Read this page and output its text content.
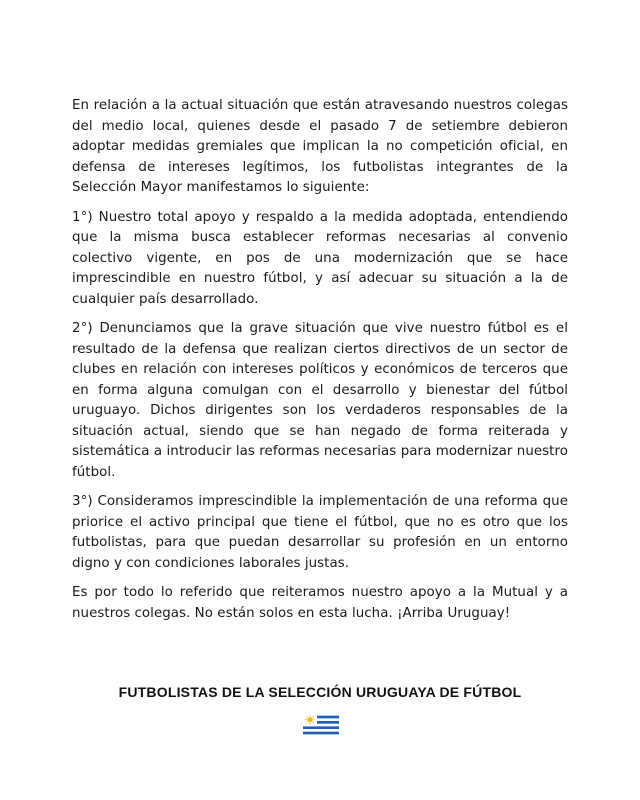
En relación a la actual situación que están atravesando nuestros colegas del medio local, quienes desde el pasado 7 de setiembre debieron adoptar medidas gremiales que implican la no competición oficial, en defensa de intereses legítimos, los futbolistas integrantes de la Selección Mayor manifestamos lo siguiente:

1°) Nuestro total apoyo y respaldo a la medida adoptada, entendiendo que la misma busca establecer reformas necesarias al convenio colectivo vigente, en pos de una modernización que se hace imprescindible en nuestro fútbol, y así adecuar su situación a la de cualquier país desarrollado.

2°) Denunciamos que la grave situación que vive nuestro fútbol es el resultado de la defensa que realizan ciertos directivos de un sector de clubes en relación con intereses políticos y económicos de terceros que en forma alguna comulgan con el desarrollo y bienestar del fútbol uruguayo. Dichos dirigentes son los verdaderos responsables de la situación actual, siendo que se han negado de forma reiterada y sistemática a introducir las reformas necesarias para modernizar nuestro fútbol.

3°) Consideramos imprescindible la implementación de una reforma que priorice el activo principal que tiene el fútbol, que no es otro que los futbolistas, para que puedan desarrollar su profesión en un entorno digno y con condiciones laborales justas.

Es por todo lo referido que reiteramos nuestro apoyo a la Mutual y a nuestros colegas. No están solos en esta lucha. ¡Arriba Uruguay!

FUTBOLISTAS DE LA SELECCIÓN URUGUAYA DE FÚTBOL
